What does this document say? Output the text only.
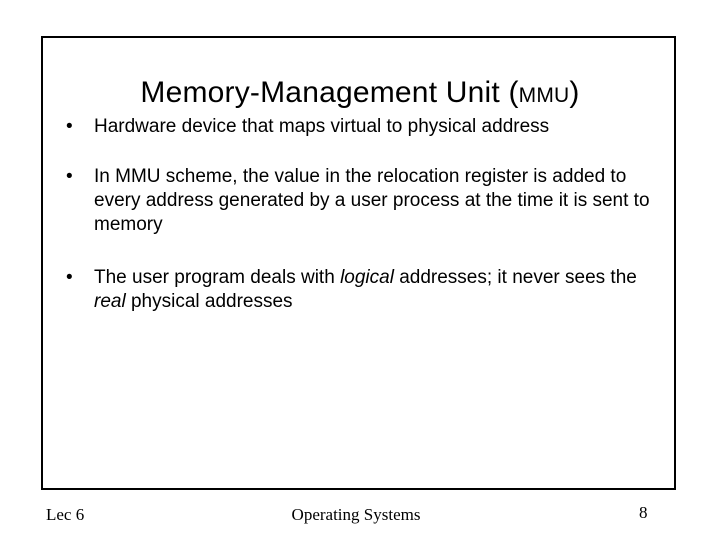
Memory-Management Unit (MMU)
•	Hardware device that maps virtual to physical address
•	In MMU scheme, the value in the relocation register is added to every address generated by a user process at the time it is sent to memory
•	The user program deals with logical addresses; it never sees the real physical addresses
Lec 6	Operating Systems	8
